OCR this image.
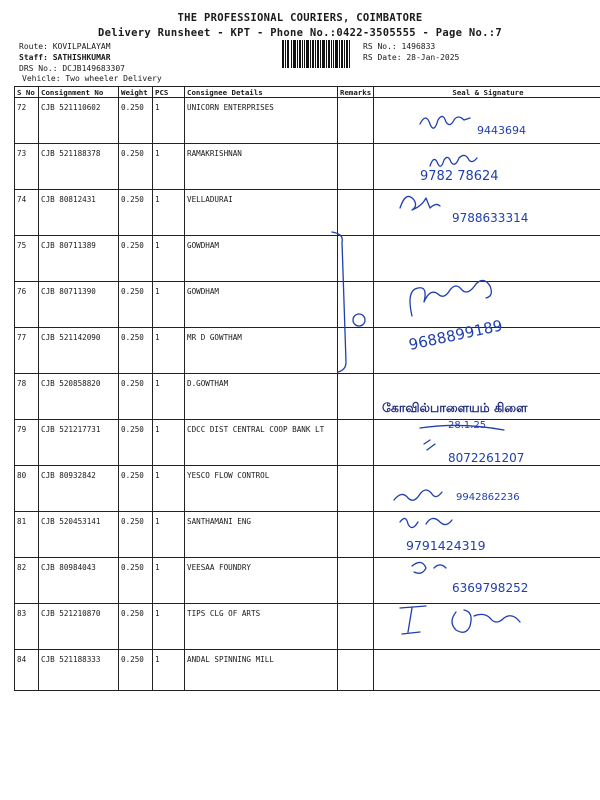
THE PROFESSIONAL COURIERS, COIMBATORE
Delivery Runsheet - KPT - Phone No.:0422-3505555 - Page No.:7
Route: KOVILPALAYAM
Staff: SATHISHKUMAR
DRS No.: DCJB149683307
Vehicle: Two wheeler Delivery
RS No.: 1496833
RS Date: 28-Jan-2025
S No	Consignment No	Weight	PCS	Consignee Details	Remarks	Seal & Signature
72	CJB 521110602	0.250	1	UNICORN ENTERPRISES		
73	CJB 521188378	0.250	1	RAMAKRISHNAN		
74	CJB 80812431	0.250	1	VELLADURAI		
75	CJB 80711389	0.250	1	GOWDHAM		
76	CJB 80711390	0.250	1	GOWDHAM		
77	CJB 521142090	0.250	1	MR D GOWTHAM		
78	CJB 520858820	0.250	1	D.GOWTHAM		
79	CJB 521217731	0.250	1	CDCC DIST CENTRAL COOP BANK LT		
80	CJB 80932842	0.250	1	YESCO FLOW CONTROL		
81	CJB 520453141	0.250	1	SANTHAMANI ENG		
82	CJB 80984043	0.250	1	VEESAA FOUNDRY		
83	CJB 521210870	0.250	1	TIPS CLG OF ARTS		
84	CJB 521188333	0.250	1	ANDAL SPINNING MILL		
9443694
9782 78624
9788633314
9688899189
கோவில்பாளையம் கிளை
28.1.25
8072261207
9942862236
9791424319
6369798252
